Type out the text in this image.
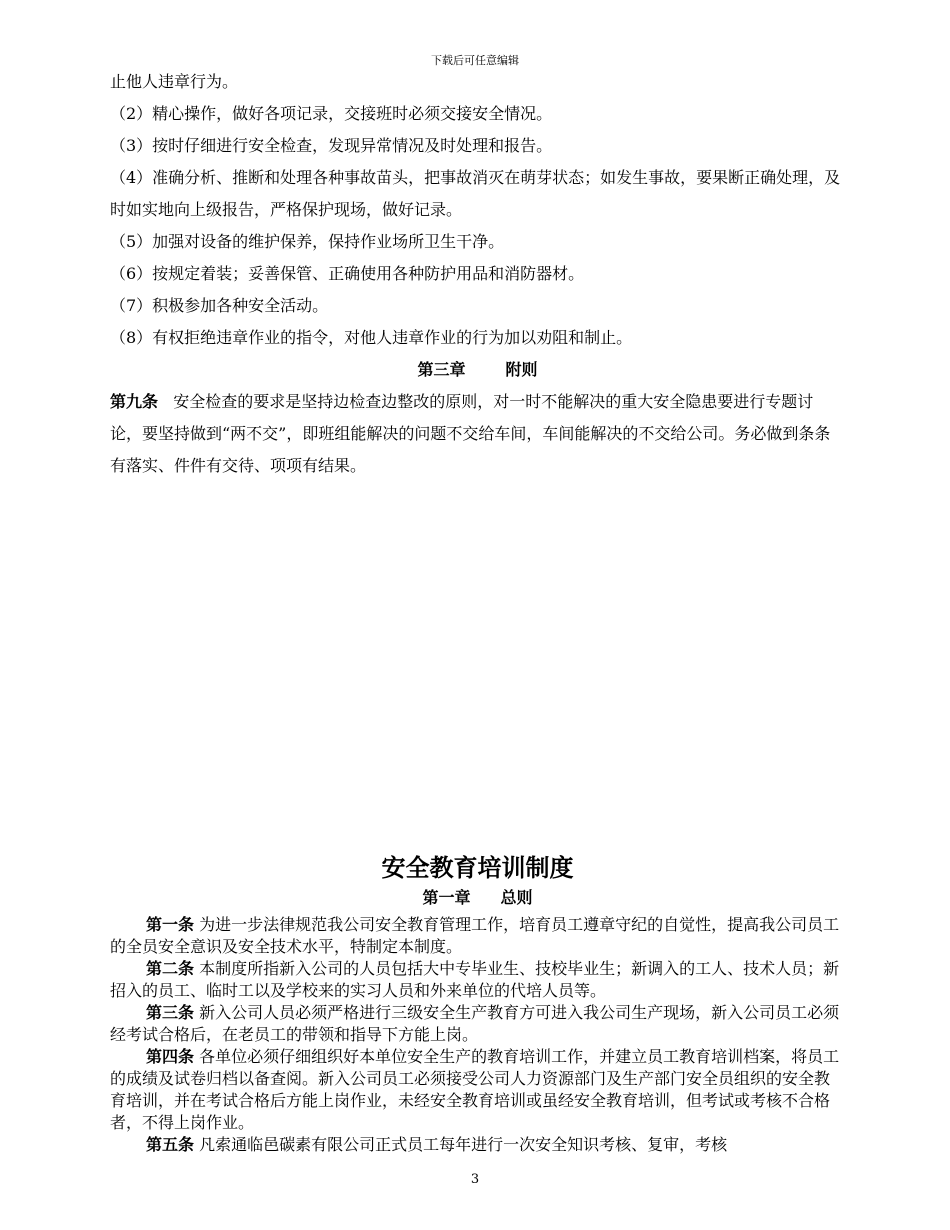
下载后可任意编辑

止他人违章行为。

（2）精心操作，做好各项记录，交接班时必须交接安全情况。

（3）按时仔细进行安全检查，发现异常情况及时处理和报告。

（4）准确分析、推断和处理各种事故苗头，把事故消灭在萌芽状态；如发生事故，要果断正确处理，及时如实地向上级报告，严格保护现场，做好记录。

（5）加强对设备的维护保养，保持作业场所卫生干净。

（6）按规定着装；妥善保管、正确使用各种防护用品和消防器材。

（7）积极参加各种安全活动。

（8）有权拒绝违章作业的指令，对他人违章作业的行为加以劝阻和制止。

第三章	附则

第九条 安全检查的要求是坚持边检查边整改的原则，对一时不能解决的重大安全隐患要进行专题讨论，要坚持做到“两不交”，即班组能解决的问题不交给车间，车间能解决的不交给公司。务必做到条条有落实、件件有交待、项项有结果。

安全教育培训制度

第一章 总则

第一条 为进一步法律规范我公司安全教育管理工作，培育员工遵章守纪的自觉性，提高我公司员工的全员安全意识及安全技术水平，特制定本制度。

第二条 本制度所指新入公司的人员包括大中专毕业生、技校毕业生；新调入的工人、技术人员；新招入的员工、临时工以及学校来的实习人员和外来单位的代培人员等。

第三条 新入公司人员必须严格进行三级安全生产教育方可进入我公司生产现场，新入公司员工必须经考试合格后，在老员工的带领和指导下方能上岗。

第四条 各单位必须仔细组织好本单位安全生产的教育培训工作，并建立员工教育培训档案，将员工的成绩及试卷归档以备查阅。新入公司员工必须接受公司人力资源部门及生产部门安全员组织的安全教育培训，并在考试合格后方能上岗作业，未经安全教育培训或虽经安全教育培训，但考试或考核不合格者，不得上岗作业。

第五条 凡索通临邑碳素有限公司正式员工每年进行一次安全知识考核、复审，考核

3
